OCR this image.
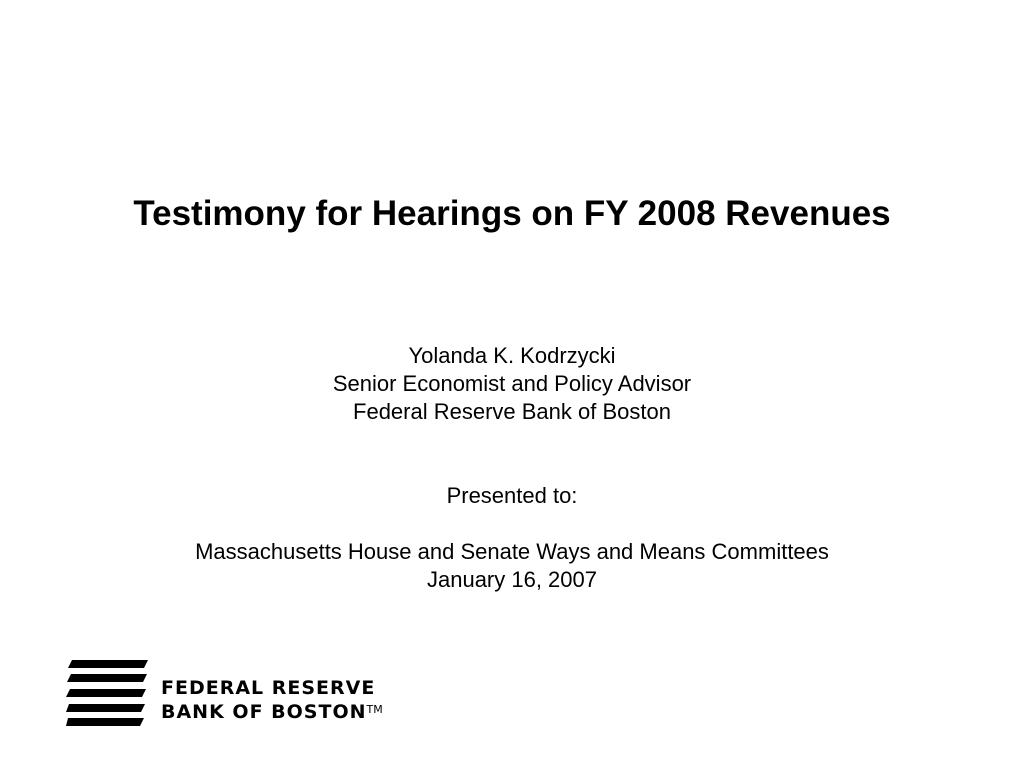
Testimony for Hearings on FY 2008 Revenues
Yolanda K. Kodrzycki
Senior Economist and Policy Advisor
Federal Reserve Bank of Boston
Presented to:
Massachusetts House and Senate Ways and Means Committees
January 16, 2007
FEDERAL RESERVE
BANK OF BOSTON™
